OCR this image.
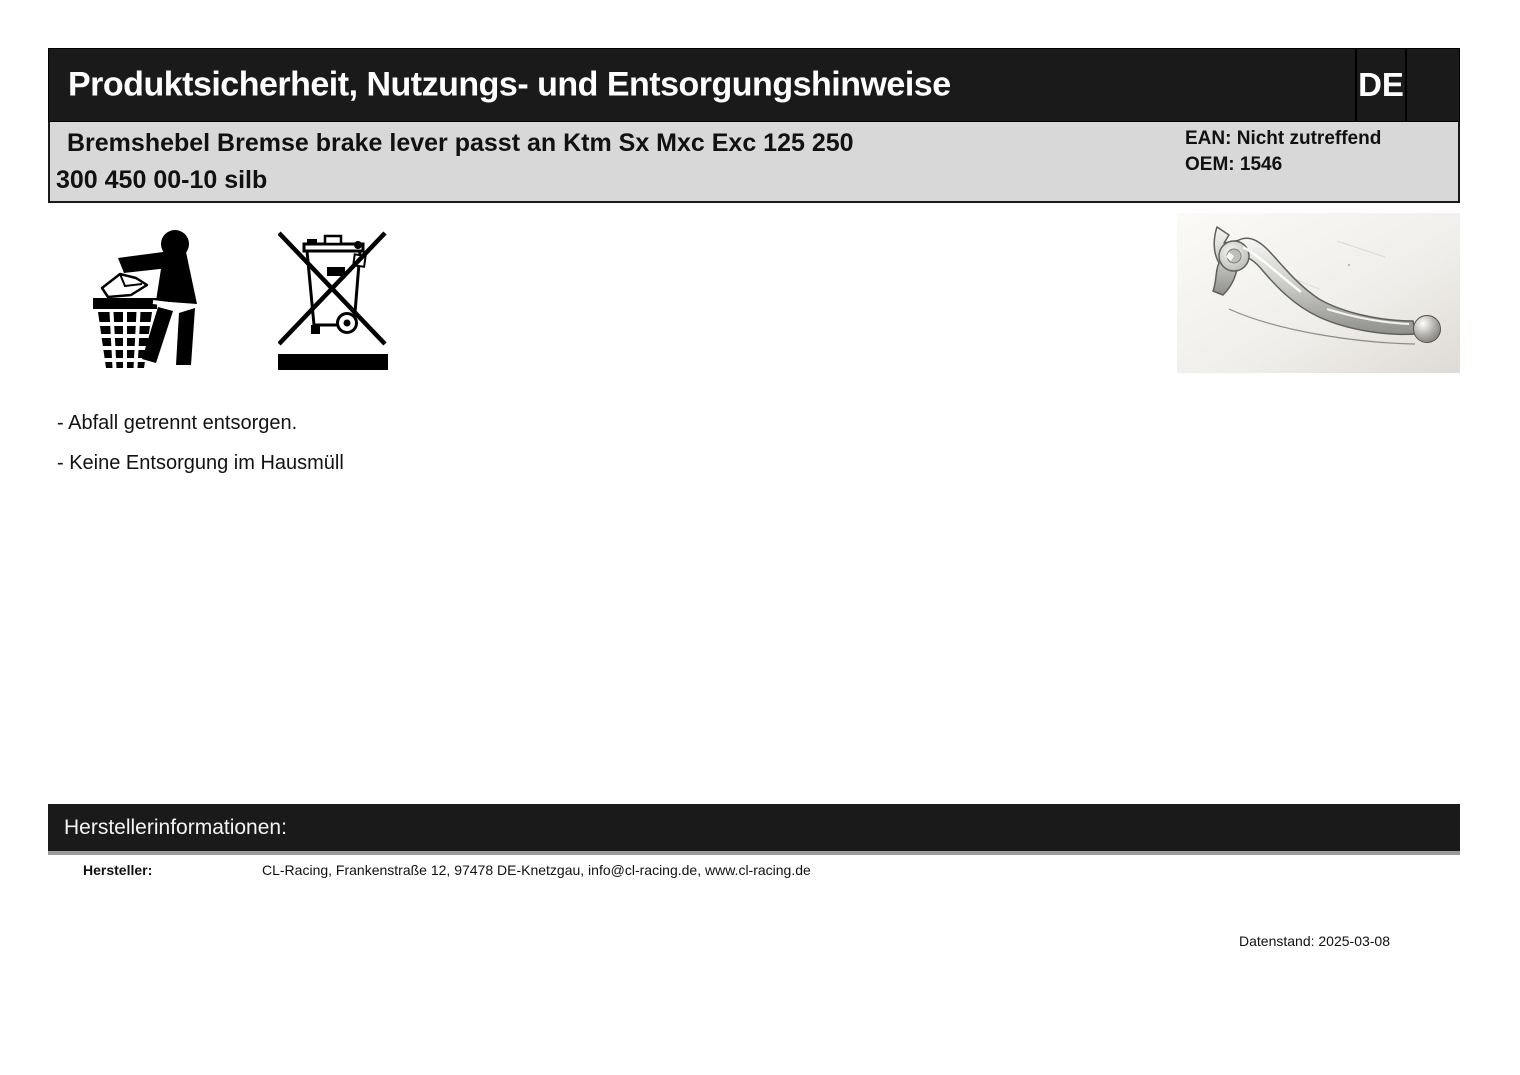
Produktsicherheit, Nutzungs- und Entsorgungshinweise	DE
Bremshebel Bremse brake lever passt an Ktm Sx Mxc Exc 125 250
300 450 00-10 silb
EAN: Nicht zutreffend
OEM: 1546
- Abfall getrennt entsorgen.
- Keine Entsorgung im Hausmüll
Herstellerinformationen:
Hersteller:	CL-Racing, Frankenstraße 12, 97478 DE-Knetzgau, info@cl-racing.de, www.cl-racing.de
Datenstand: 2025-03-08
